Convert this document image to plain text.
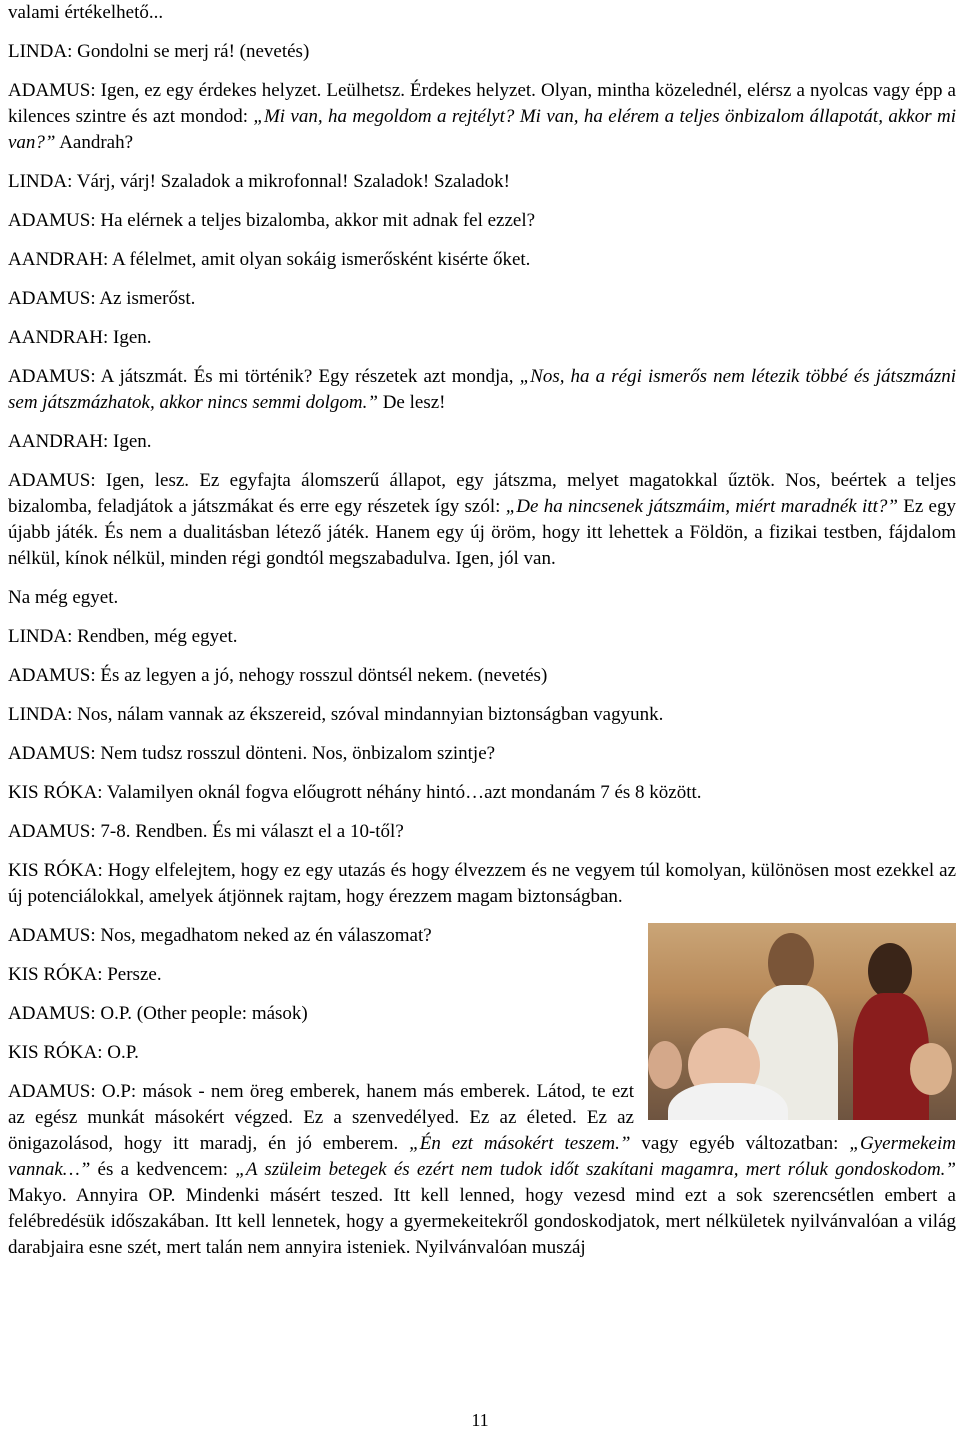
valami értékelhető...

LINDA: Gondolni se merj rá! (nevetés)

ADAMUS: Igen, ez egy érdekes helyzet. Leülhetsz. Érdekes helyzet. Olyan, mintha közelednél, elérsz a nyolcas vagy épp a kilences szintre és azt mondod: „Mi van, ha megoldom a rejtélyt? Mi van, ha elérem a teljes önbizalom állapotát, akkor mi van?” Aandrah?

LINDA: Várj, várj! Szaladok a mikrofonnal! Szaladok! Szaladok!

ADAMUS: Ha elérnek a teljes bizalomba, akkor mit adnak fel ezzel?

AANDRAH: A félelmet, amit olyan sokáig ismerősként kisérte őket.

ADAMUS: Az ismerőst.

AANDRAH: Igen.

ADAMUS: A játszmát. És mi történik? Egy részetek azt mondja, „Nos, ha a régi ismerős nem létezik többé és játszmázni sem játszmázhatok, akkor nincs semmi dolgom.” De lesz!

AANDRAH: Igen.

ADAMUS: Igen, lesz. Ez egyfajta álomszerű állapot, egy játszma, melyet magatokkal űztök. Nos, beértek a teljes bizalomba, feladjátok a játszmákat és erre egy részetek így szól: „De ha nincsenek játszmáim, miért maradnék itt?” Ez egy újabb játék. És nem a dualitásban létező játék. Hanem egy új öröm, hogy itt lehettek a Földön, a fizikai testben, fájdalom nélkül, kínok nélkül, minden régi gondtól megszabadulva. Igen, jól van.

Na még egyet.

LINDA: Rendben, még egyet.

ADAMUS: És az legyen a jó, nehogy rosszul döntsél nekem. (nevetés)

LINDA: Nos, nálam vannak az ékszereid, szóval mindannyian biztonságban vagyunk.

ADAMUS: Nem tudsz rosszul dönteni. Nos, önbizalom szintje?

KIS RÓKA: Valamilyen oknál fogva előugrott néhány hintó…azt mondanám 7 és 8 között.

ADAMUS: 7-8. Rendben. És mi választ el a 10-től?

KIS RÓKA: Hogy elfelejtem, hogy ez egy utazás és hogy élvezzem és ne vegyem túl komolyan, különösen most ezekkel az új potenciálokkal, amelyek átjönnek rajtam, hogy érezzem magam biztonságban.

ADAMUS: Nos, megadhatom neked az én válaszomat?

KIS RÓKA: Persze.

ADAMUS: O.P. (Other people: mások)

KIS RÓKA: O.P.

ADAMUS: O.P: mások - nem öreg emberek, hanem más emberek. Látod, te ezt az egész munkát másokért végzed. Ez a szenvedélyed. Ez az életed. Ez az önigazolásod, hogy itt maradj, én jó emberem. „Én ezt másokért teszem.” vagy egyéb változatban: „Gyermekeim vannak…” és a kedvencem: „A szüleim betegek és ezért nem tudok időt szakítani magamra, mert róluk gondoskodom.” Makyo. Annyira OP. Mindenki másért teszed. Itt kell lenned, hogy vezesd mind ezt a sok szerencsétlen embert a felébredésük időszakában. Itt kell lennetek, hogy a gyermekeitekről gondoskodjatok, mert nélkületek nyilvánvalóan a világ darabjaira esne szét, mert talán nem annyira isteniek. Nyilvánvalóan muszáj

11
